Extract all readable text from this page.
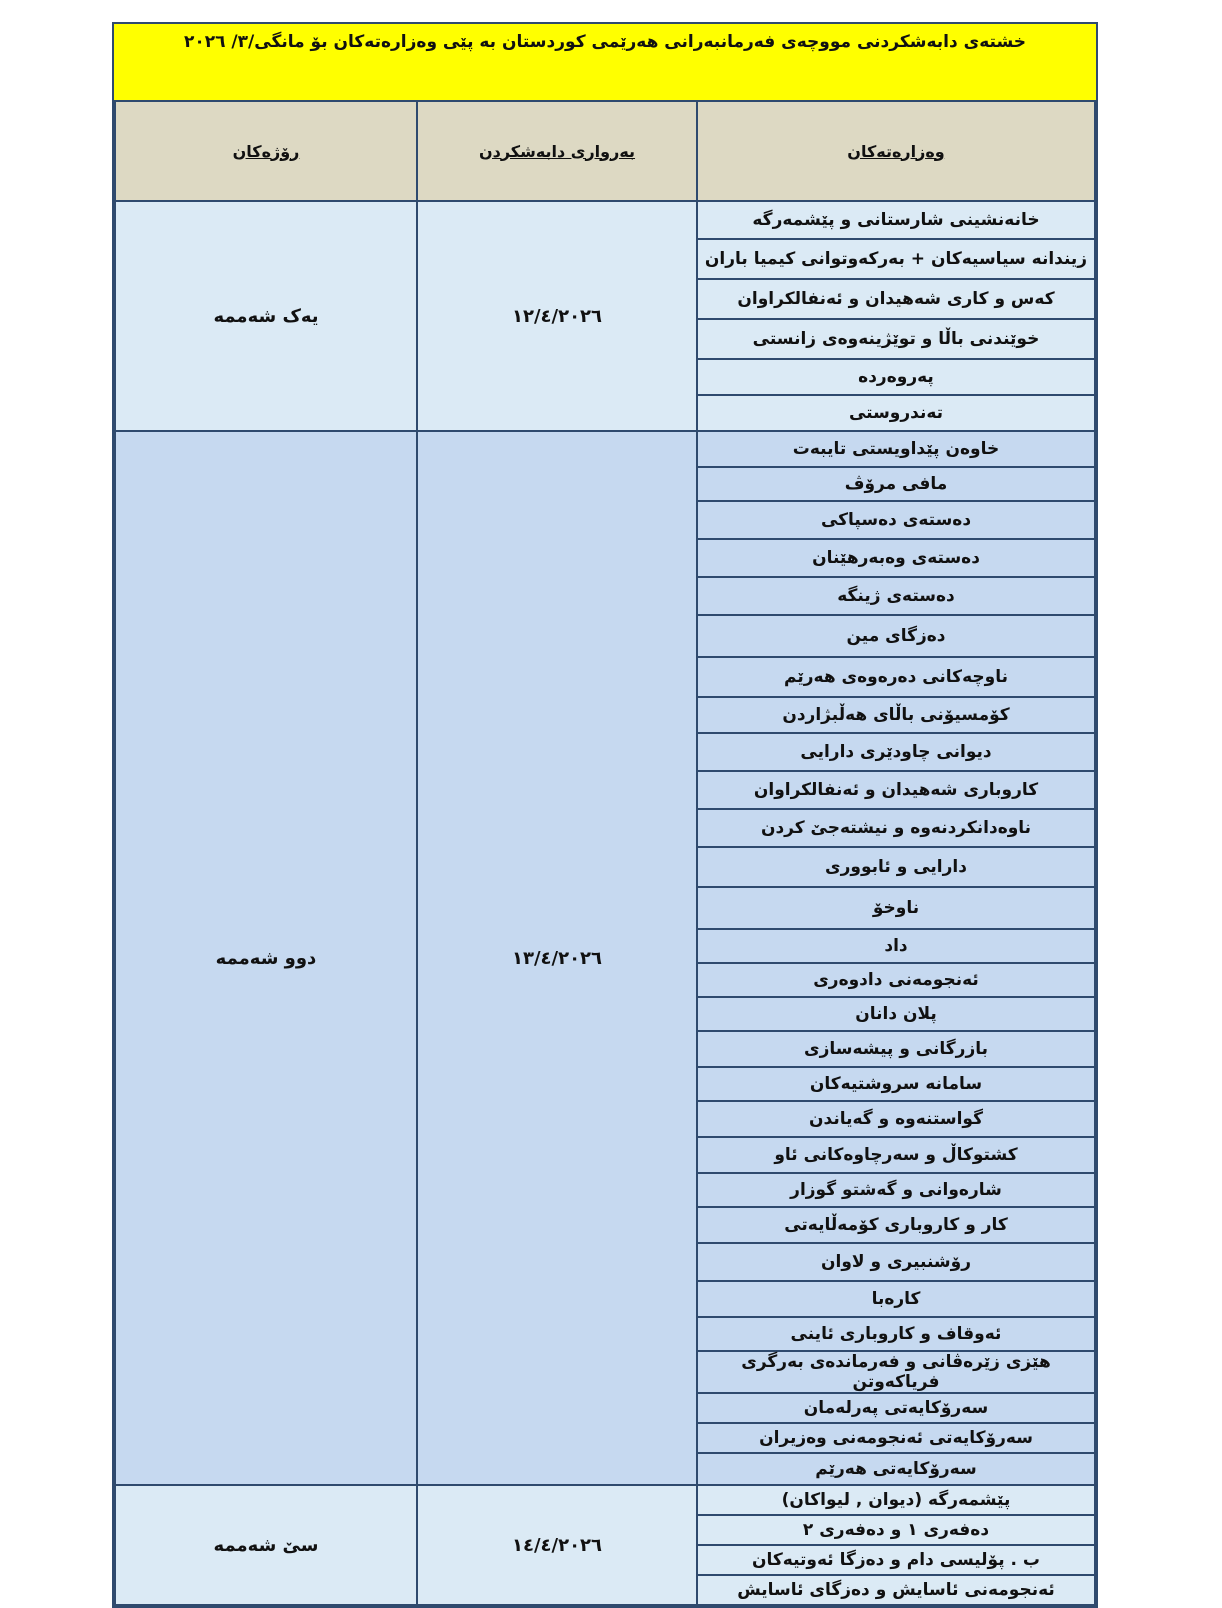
خشتەی دابەشکردنی مووچەی فەرمانبەرانی هەرێمی کوردستان بە پێی وەزارەتەکان بۆ مانگی/٣/ ٢٠٢٦
وەزارەتەکان	بەرواری دابەشکردن	رۆژەکان
خانەنشینی شارستانی و پێشمەرگە	١٢/٤/٢٠٢٦	یەک شەممە
زیندانە سیاسیەکان + بەرکەوتوانی کیمیا باران		
کەس و کاری شەهیدان و ئەنفالکراوان		
خوێندنی باڵا و توێژینەوەی زانستی		
پەروەردە		
تەندروستی		
خاوەن پێداویستی تایبەت	١٣/٤/٢٠٢٦	دوو شەممە
مافی مرۆڤ		
دەستەی دەسپاکی		
دەستەی وەبەرهێنان		
دەستەی ژینگە		
دەزگای مین		
ناوچەکانی دەرەوەی هەرێم		
کۆمسیۆنی باڵای هەڵبژاردن		
دیوانی چاودێری دارایی		
کاروباری شەهیدان و ئەنفالکراوان		
ناوەدانکردنەوە و نیشتەجێ کردن		
دارایی و ئابووری		
ناوخۆ		
داد		
ئەنجومەنی دادوەری		
پلان دانان		
بازرگانی و پیشەسازی		
سامانە سروشتیەکان		
گواستنەوە و گەیاندن		
کشتوکاڵ و سەرچاوەکانی ئاو		
شارەوانی و گەشتو گوزار		
کار و کاروباری کۆمەڵایەتی		
رۆشنبیری و لاوان		
کارەبا		
ئەوقاف و کاروباری ئاینی		
هێزی زێرەڤانی و فەرماندەی بەرگری فریاکەوتن		
سەرۆکایەتی پەرلەمان		
سەرۆکایەتی ئەنجومەنی وەزیران		
سەرۆکایەتی هەرێم		
پێشمەرگە (دیوان , لیواکان)	١٤/٤/٢٠٢٦	سێ شەممە
دەفەری ١ و دەفەری ٢		
ب . پۆلیسی دام و دەزگا ئەوتیەکان		
ئەنجومەنی ئاسایش و دەزگای ئاسایش		
